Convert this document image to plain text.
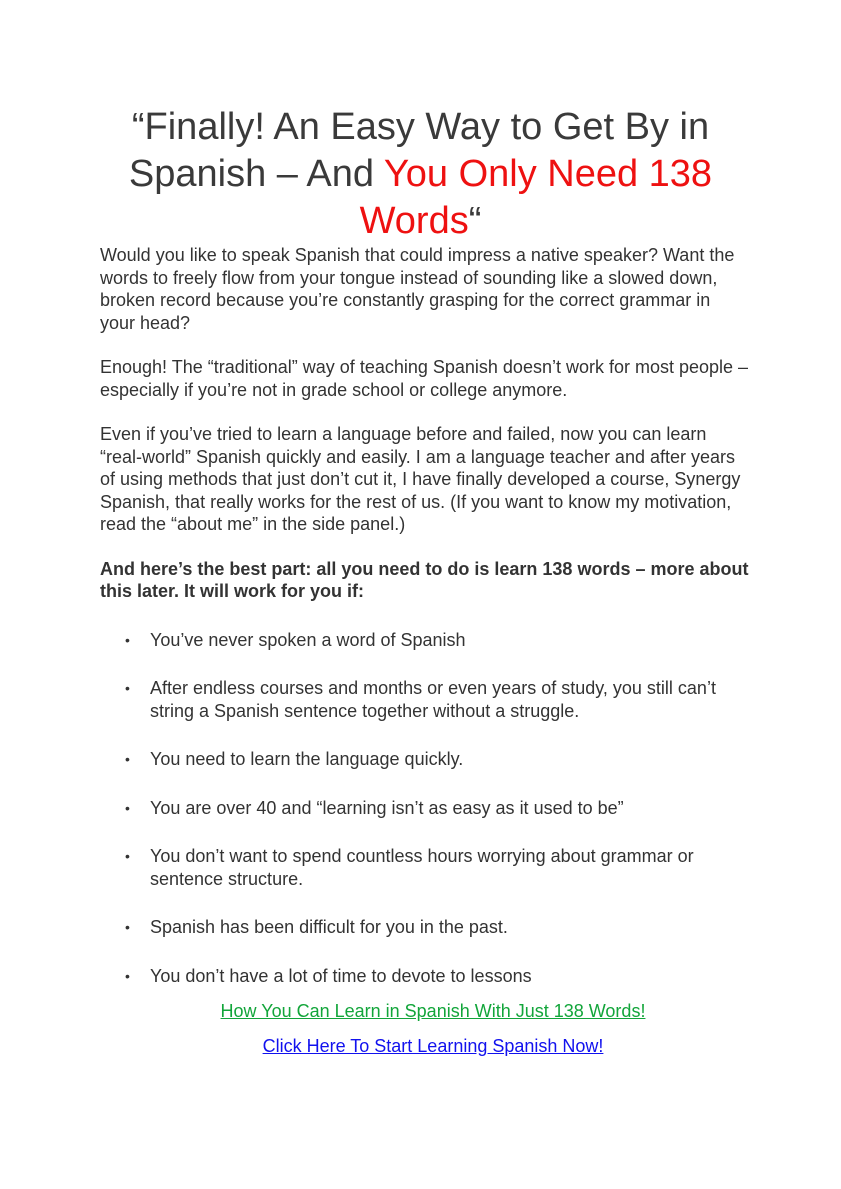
“Finally! An Easy Way to Get By in Spanish – And You Only Need 138 Words“

Would you like to speak Spanish that could impress a native speaker? Want the words to freely flow from your tongue instead of sounding like a slowed down, broken record because you’re constantly grasping for the correct grammar in your head?

Enough! The “traditional” way of teaching Spanish doesn’t work for most people – especially if you’re not in grade school or college anymore.

Even if you’ve tried to learn a language before and failed, now you can learn “real-world” Spanish quickly and easily. I am a language teacher and after years of using methods that just don’t cut it, I have finally developed a course, Synergy Spanish, that really works for the rest of us. (If you want to know my motivation, read the “about me” in the side panel.)

And here’s the best part: all you need to do is learn 138 words – more about this later. It will work for you if:

• You’ve never spoken a word of Spanish
• After endless courses and months or even years of study, you still can’t string a Spanish sentence together without a struggle.
• You need to learn the language quickly.
• You are over 40 and “learning isn’t as easy as it used to be”
• You don’t want to spend countless hours worrying about grammar or sentence structure.
• Spanish has been difficult for you in the past.
• You don’t have a lot of time to devote to lessons
How You Can Learn in Spanish With Just 138 Words!
Click Here To Start Learning Spanish Now!
